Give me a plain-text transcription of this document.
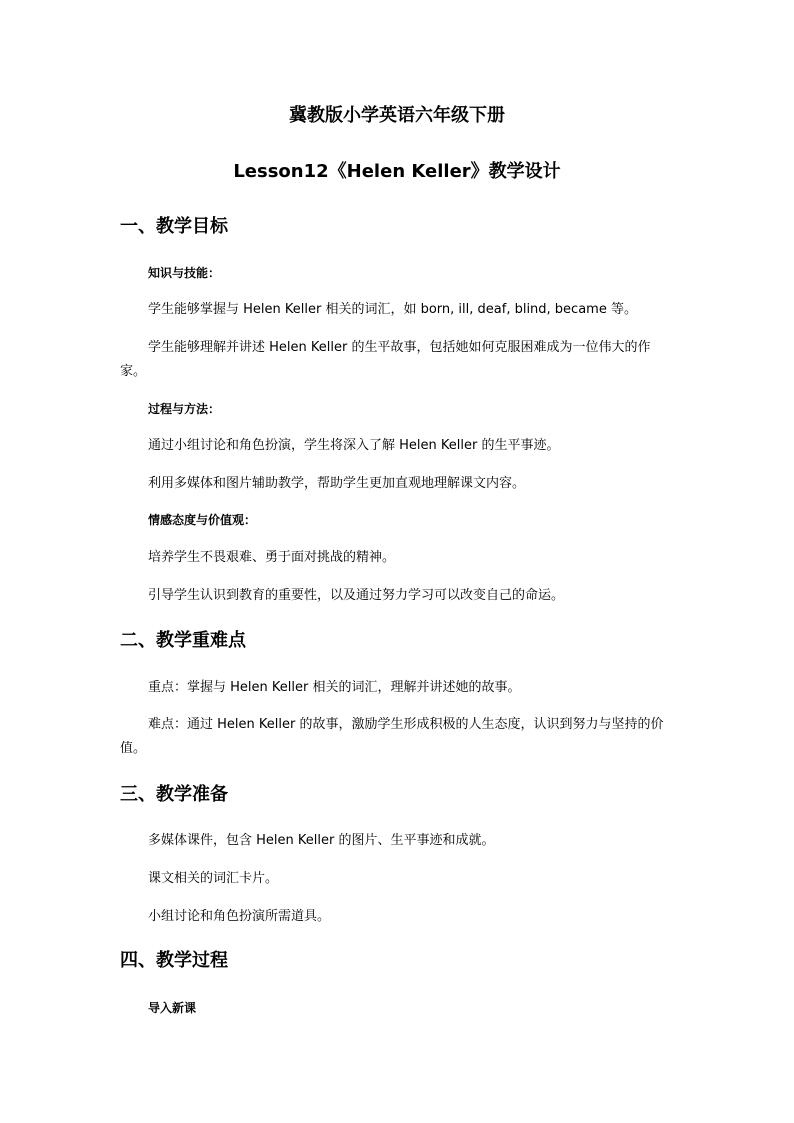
冀教版小学英语六年级下册
Lesson12《Helen Keller》教学设计
一、教学目标
知识与技能：

学生能够掌握与 Helen Keller 相关的词汇，如 born, ill, deaf, blind, became 等。

学生能够理解并讲述 Helen Keller 的生平故事，包括她如何克服困难成为一位伟大的作家。

过程与方法：

通过小组讨论和角色扮演，学生将深入了解 Helen Keller 的生平事迹。

利用多媒体和图片辅助教学，帮助学生更加直观地理解课文内容。

情感态度与价值观：

培养学生不畏艰难、勇于面对挑战的精神。

引导学生认识到教育的重要性，以及通过努力学习可以改变自己的命运。

二、教学重难点

重点：掌握与 Helen Keller 相关的词汇，理解并讲述她的故事。

难点：通过 Helen Keller 的故事，激励学生形成积极的人生态度，认识到努力与坚持的价值。

三、教学准备

多媒体课件，包含 Helen Keller 的图片、生平事迹和成就。

课文相关的词汇卡片。

小组讨论和角色扮演所需道具。

四、教学过程
导入新课
